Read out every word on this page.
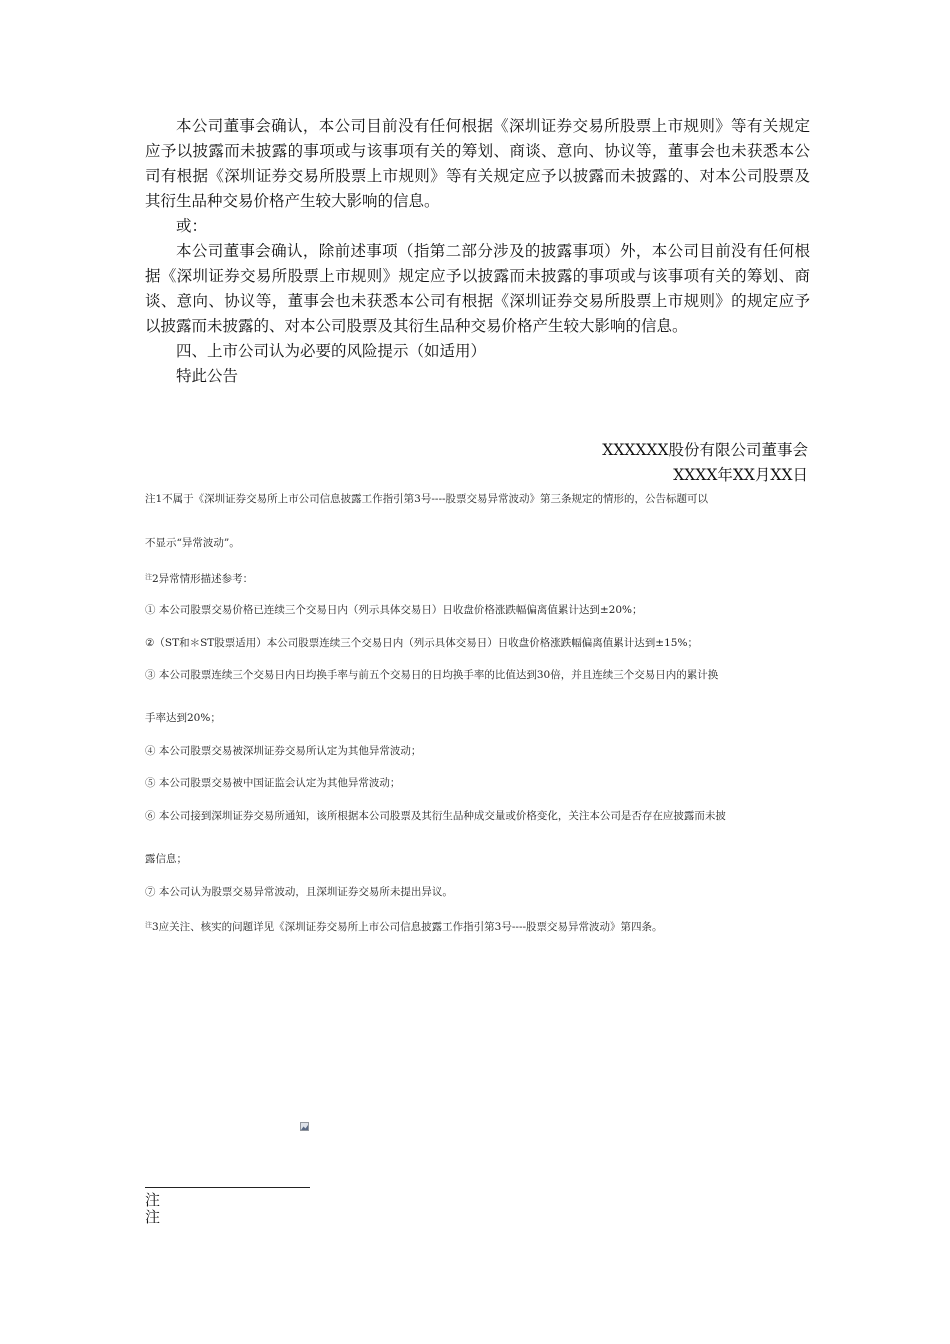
本公司董事会确认，本公司目前没有任何根据《深圳证券交易所股票上市规则》等有关规定应予以披露而未披露的事项或与该事项有关的筹划、商谈、意向、协议等，董事会也未获悉本公司有根据《深圳证券交易所股票上市规则》等有关规定应予以披露而未披露的、对本公司股票及其衍生品种交易价格产生较大影响的信息。

或：

本公司董事会确认，除前述事项（指第二部分涉及的披露事项）外，本公司目前没有任何根据《深圳证券交易所股票上市规则》规定应予以披露而未披露的事项或与该事项有关的筹划、商谈、意向、协议等，董事会也未获悉本公司有根据《深圳证券交易所股票上市规则》的规定应予以披露而未披露的、对本公司股票及其衍生品种交易价格产生较大影响的信息。

四、上市公司认为必要的风险提示（如适用）

特此公告

XXXXXX股份有限公司董事会
XXXX年XX月XX日
注1不属于《深圳证券交易所上市公司信息披露工作指引第3号----股票交易异常波动》第三条规定的情形的，公告标题可以
不显示“异常波动”。
$^注$2异常情形描述参考：
① 本公司股票交易价格已连续三个交易日内（列示具体交易日）日收盘价格涨跌幅偏离值累计达到±20%；
②（ST和＊ST股票适用）本公司股票连续三个交易日内（列示具体交易日）日收盘价格涨跌幅偏离值累计达到±15%；
③ 本公司股票连续三个交易日内日均换手率与前五个交易日的日均换手率的比值达到30倍，并且连续三个交易日内的累计换
手率达到20%；
④ 本公司股票交易被深圳证券交易所认定为其他异常波动；
⑤ 本公司股票交易被中国证监会认定为其他异常波动；
⑥ 本公司接到深圳证券交易所通知，该所根据本公司股票及其衍生品种成交量或价格变化，关注本公司是否存在应披露而未披
露信息；
⑦ 本公司认为股票交易异常波动，且深圳证券交易所未提出异议。
$^注$3应关注、核实的问题详见《深圳证券交易所上市公司信息披露工作指引第3号----股票交易异常波动》第四条。
注
注
